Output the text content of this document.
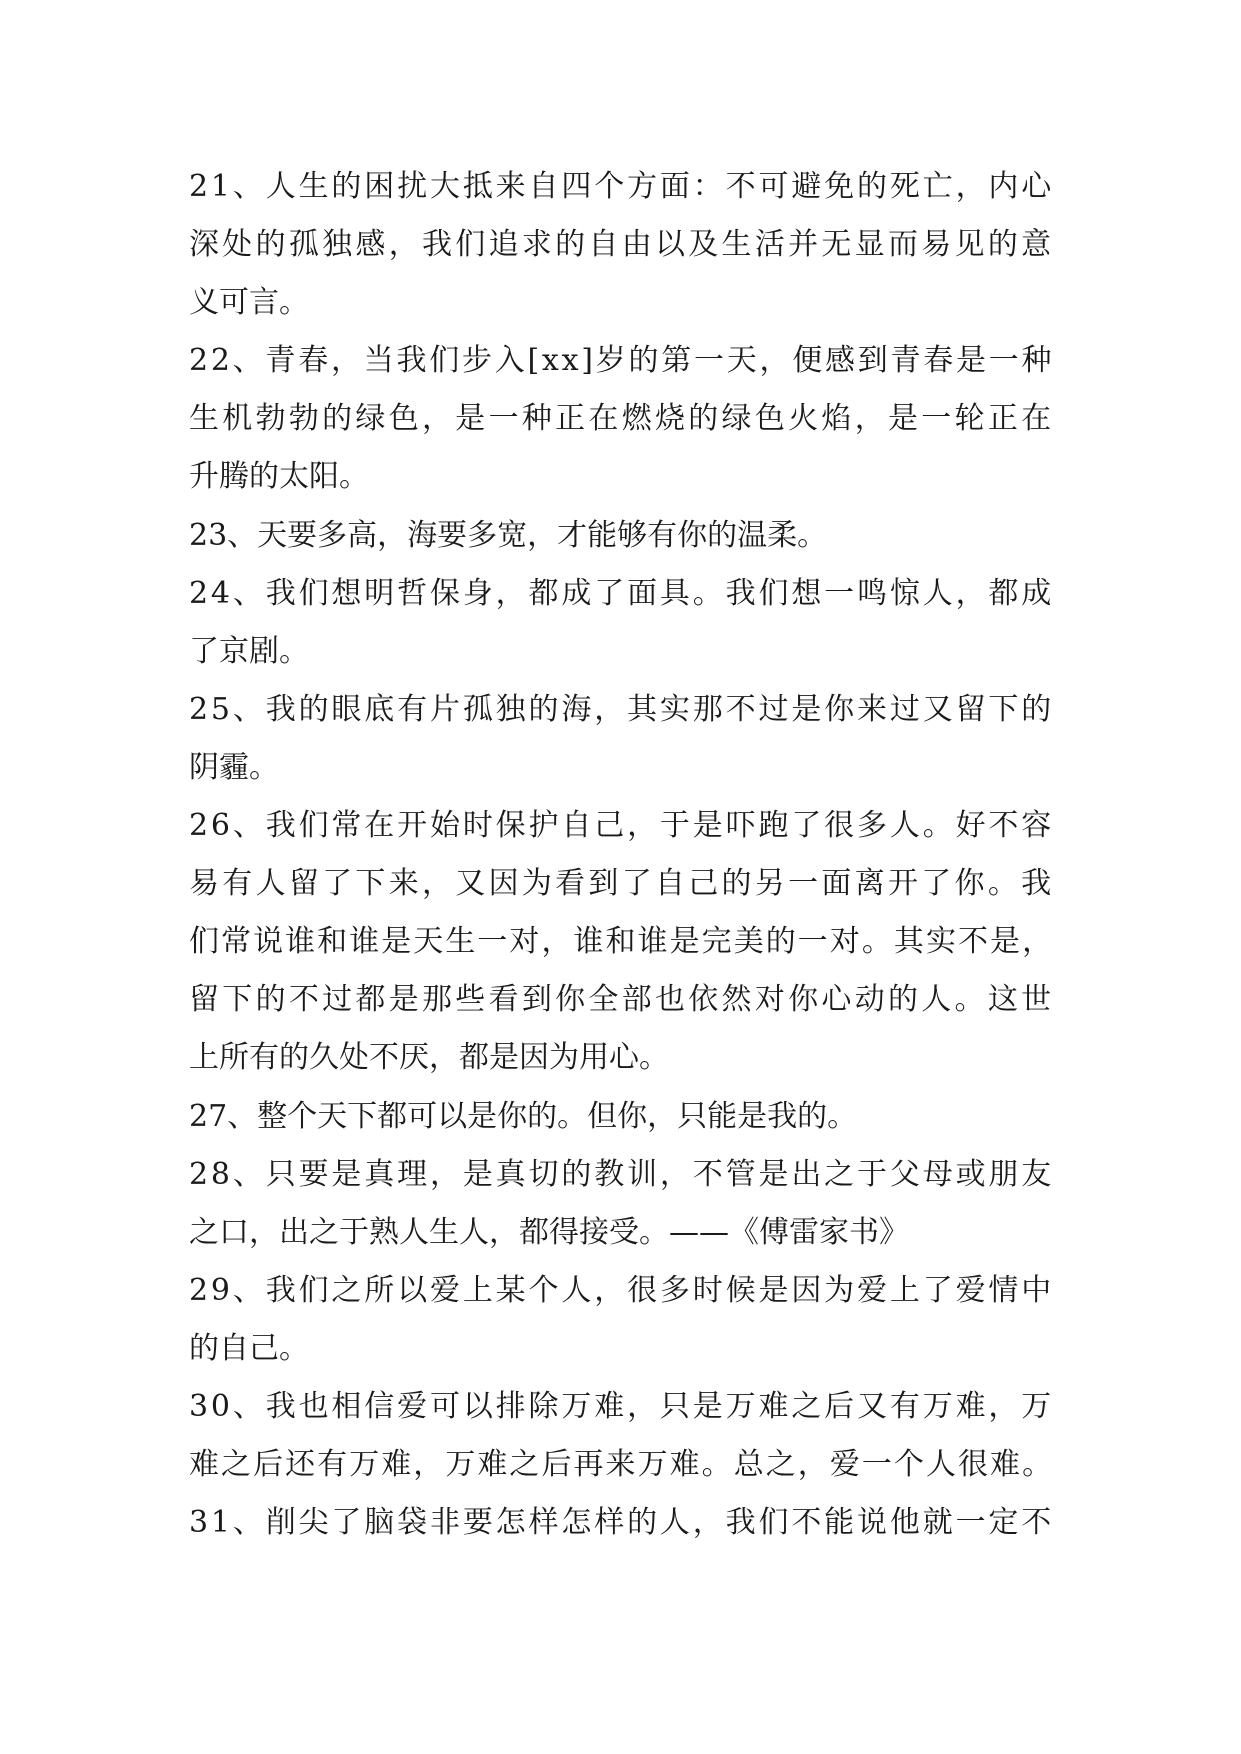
21、人生的困扰大抵来自四个方面：不可避免的死亡，内心
深处的孤独感，我们追求的自由以及生活并无显而易见的意
义可言。
22、青春，当我们步入[xx]岁的第一天，便感到青春是一种
生机勃勃的绿色，是一种正在燃烧的绿色火焰，是一轮正在
升腾的太阳。
23、天要多高，海要多宽，才能够有你的温柔。
24、我们想明哲保身，都成了面具。我们想一鸣惊人，都成
了京剧。
25、我的眼底有片孤独的海，其实那不过是你来过又留下的
阴霾。
26、我们常在开始时保护自己，于是吓跑了很多人。好不容
易有人留了下来，又因为看到了自己的另一面离开了你。我
们常说谁和谁是天生一对，谁和谁是完美的一对。其实不是，
留下的不过都是那些看到你全部也依然对你心动的人。这世
上所有的久处不厌，都是因为用心。
27、整个天下都可以是你的。但你，只能是我的。
28、只要是真理，是真切的教训，不管是出之于父母或朋友
之口，出之于熟人生人，都得接受。——《傅雷家书》
29、我们之所以爱上某个人，很多时候是因为爱上了爱情中
的自己。
30、我也相信爱可以排除万难，只是万难之后又有万难，万
难之后还有万难，万难之后再来万难。总之，爱一个人很难。
31、削尖了脑袋非要怎样怎样的人，我们不能说他就一定不
